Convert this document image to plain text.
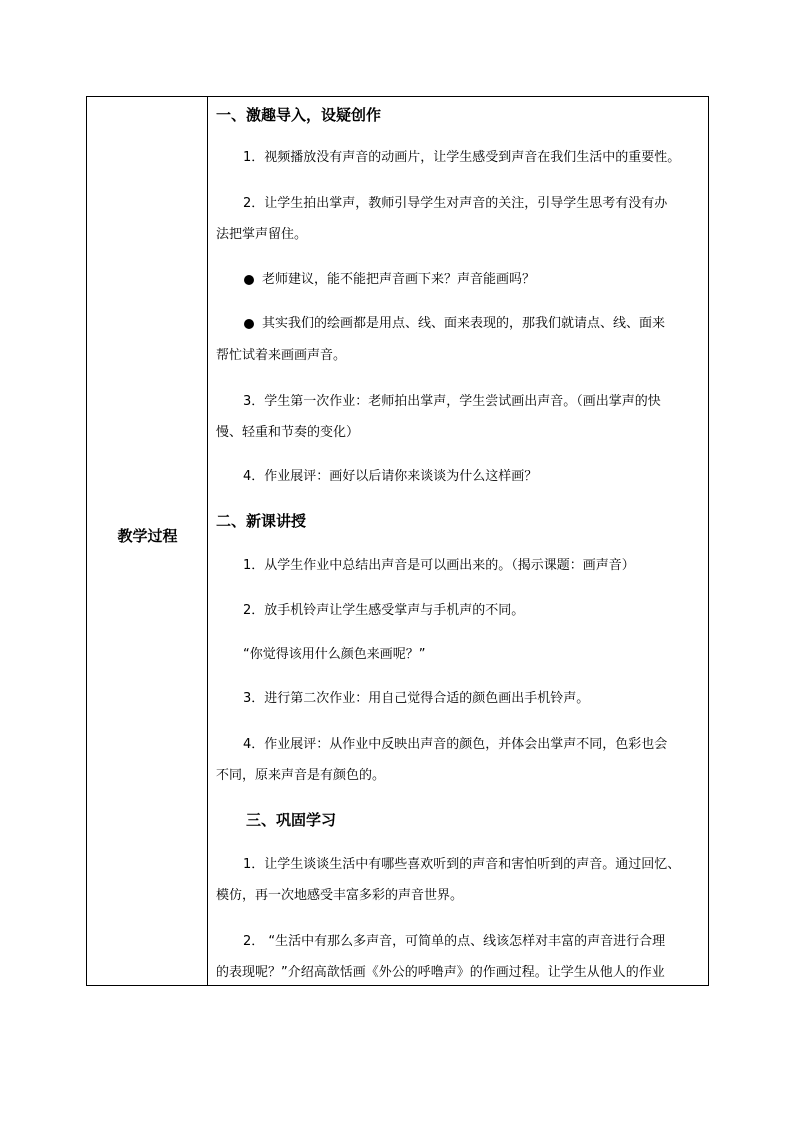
教学过程
一、激趣导入，设疑创作
1．视频播放没有声音的动画片，让学生感受到声音在我们生活中的重要性。
2．让学生拍出掌声，教师引导学生对声音的关注，引导学生思考有没有办
法把掌声留住。
老师建议，能不能把声音画下来？声音能画吗？
其实我们的绘画都是用点、线、面来表现的，那我们就请点、线、面来
帮忙试着来画画声音。
3．学生第一次作业：老师拍出掌声，学生尝试画出声音。（画出掌声的快
慢、轻重和节奏的变化）
4．作业展评：画好以后请你来谈谈为什么这样画？
二、新课讲授
1．从学生作业中总结出声音是可以画出来的。（揭示课题：画声音）
2．放手机铃声让学生感受掌声与手机声的不同。
“你觉得该用什么颜色来画呢？”
3．进行第二次作业：用自己觉得合适的颜色画出手机铃声。
4．作业展评：从作业中反映出声音的颜色，并体会出掌声不同，色彩也会
不同，原来声音是有颜色的。
三、巩固学习
1．让学生谈谈生活中有哪些喜欢听到的声音和害怕听到的声音。通过回忆、
模仿，再一次地感受丰富多彩的声音世界。
2． “生活中有那么多声音，可简单的点、线该怎样对丰富的声音进行合理
的表现呢？”介绍高歆恬画《外公的呼噜声》的作画过程。让学生从他人的作业
